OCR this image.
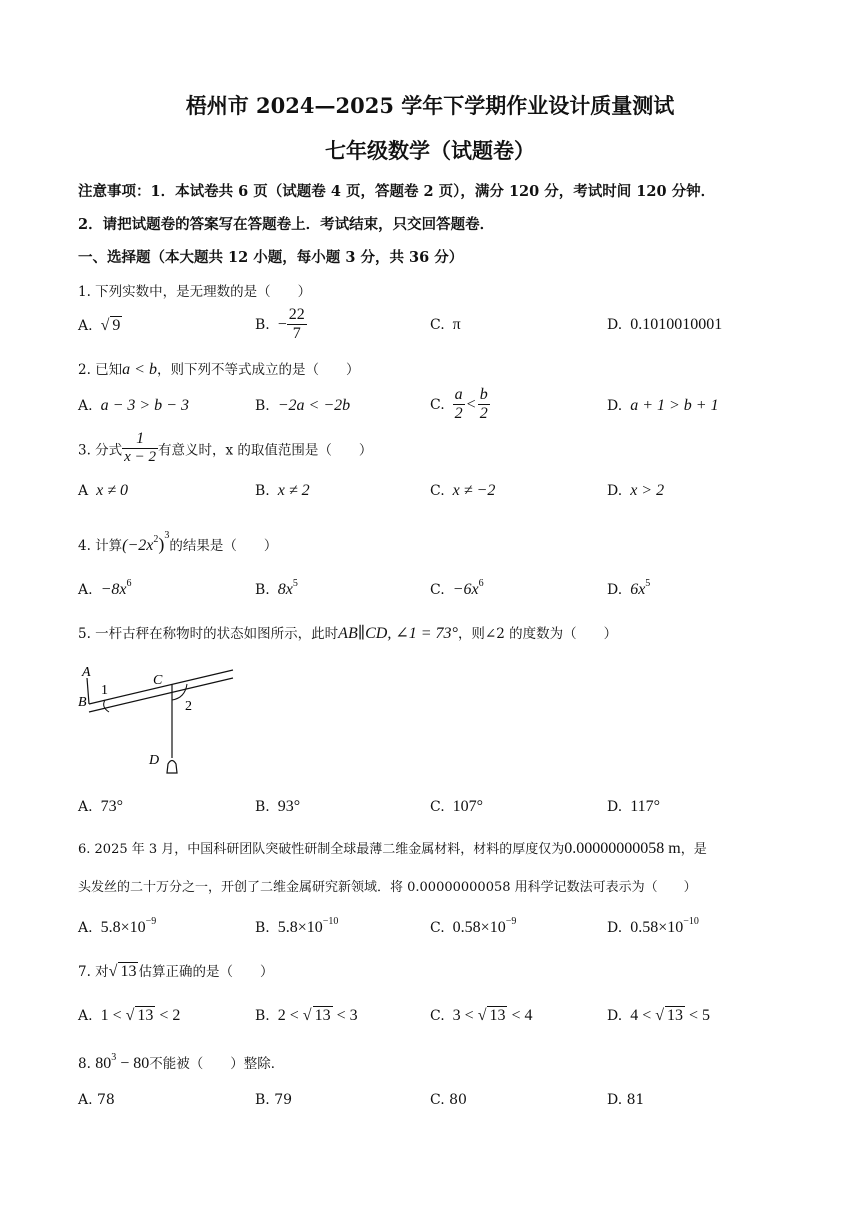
梧州市 2024—2025 学年下学期作业设计质量测试
七年级数学（试题卷）
注意事项：1．本试卷共 6 页（试题卷 4 页，答题卷 2 页），满分 120 分，考试时间 120 分钟．
2．请把试题卷的答案写在答题卷上．考试结束，只交回答题卷．
一、选择题（本大题共 12 小题，每小题 3 分，共 36 分）
1. 下列实数中，是无理数的是（　　）
A. √ 9	B. − $\frac{22}{7}$	C. π	D. 0.1010010001
2. 已知a < b，则下列不等式成立的是（　　）
A. a − 3 > b − 3	B. −2a < −2b	C. $\frac{a}{2} < \frac{b}{2}$	D. a + 1 > b + 1
3. 分式 $\frac{1}{x - 2}$ 有意义时，x 的取值范围是（　　）
A x ≠ 0	B. x ≠ 2	C. x ≠ −2	D. x > 2
4. 计算$(-2x^2)^3$的结果是（　　）
A. $-8x^6$	B. $8x^5$	C. $-6x^6$	D. $6x^5$
5. 一杆古秤在称物时的状态如图所示，此时AB∥CD, ∠1 = 73°，则∠2 的度数为（　　）
A
B
1
C
2
D
A. 73°	B. 93°	C. 107°	D. 117°
6. 2025 年 3 月，中国科研团队突破性研制全球最薄二维金属材料，材料的厚度仅为0.00000000058 m，是
头发丝的二十万分之一，开创了二维金属研究新领域．将 0.00000000058 用科学记数法可表示为（　　）
A. $5.8\times 10^{-9}$	B. $5.8\times 10^{-10}$	C. $0.58\times 10^{-9}$	D. $0.58\times 10^{-10}$
7. 对√ 13 估算正确的是（　　）
A. 1 < √ 13 < 2	B. 2 < √ 13 < 3	C. 3 < √ 13 < 4	D. 4 < √ 13 < 5
8. $80^3 - 80$不能被（　　）整除．
A. 78	B. 79	C. 80	D. 81
